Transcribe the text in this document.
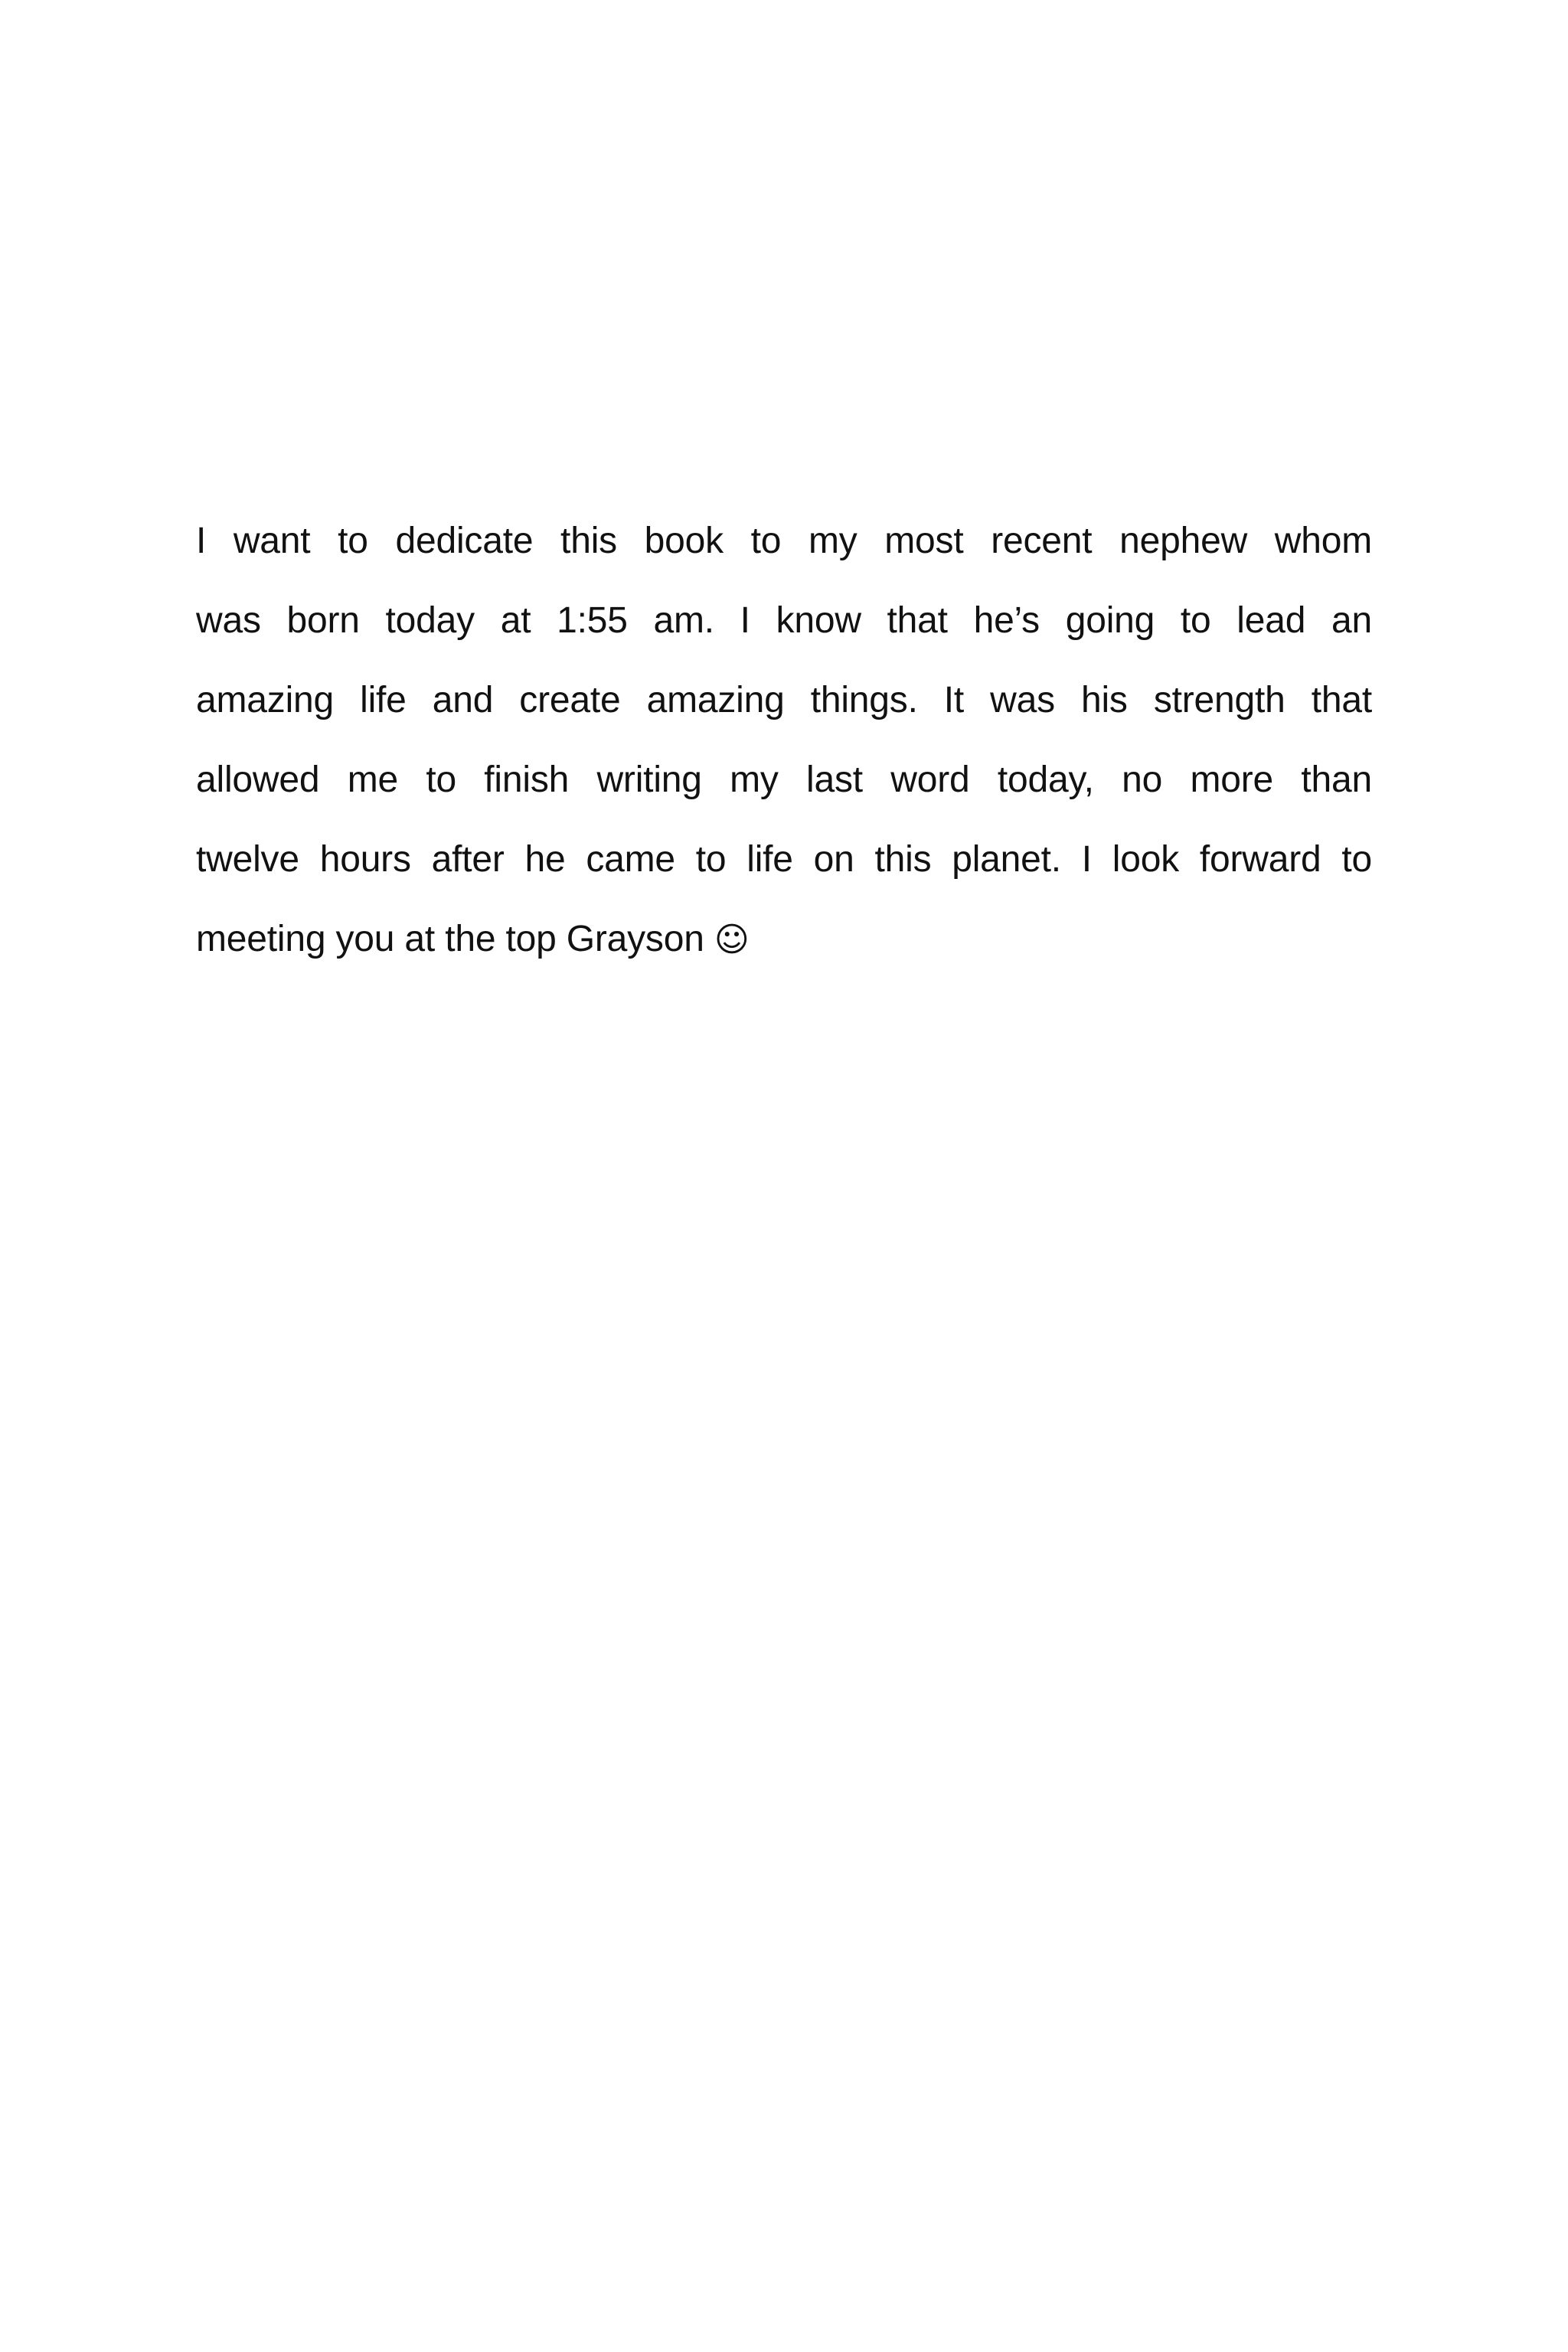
I want to dedicate this book to my most recent nephew whom
was born today at 1:55 am. I know that he’s going to lead an
amazing life and create amazing things. It was his strength that
allowed me to finish writing my last word today, no more than
twelve hours after he came to life on this planet. I look forward to
meeting you at the top Grayson ☺
